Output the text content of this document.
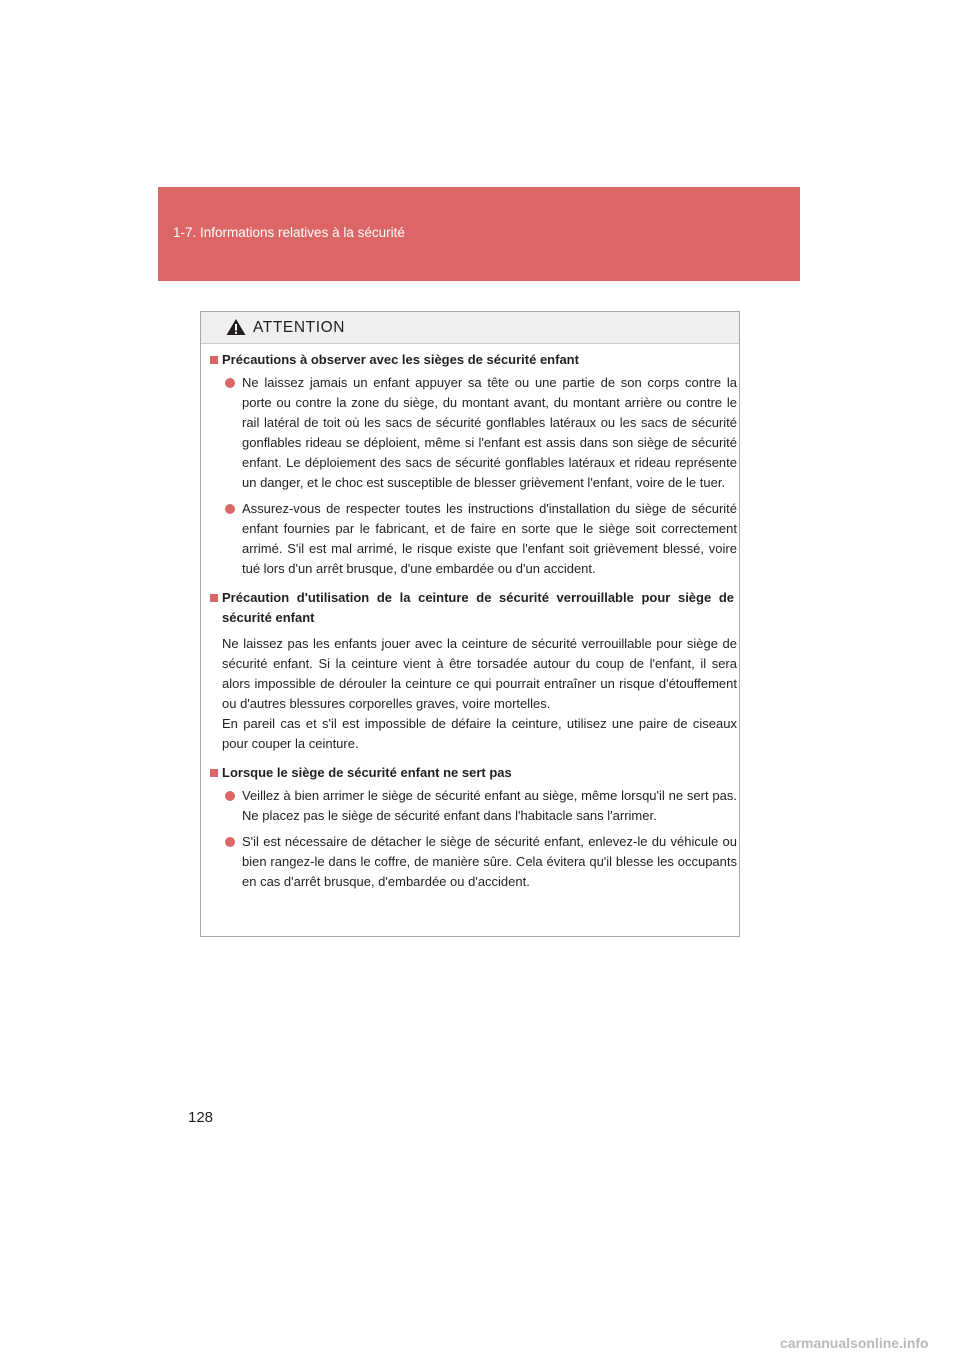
1-7. Informations relatives à la sécurité
ATTENTION
Précautions à observer avec les sièges de sécurité enfant
Ne laissez jamais un enfant appuyer sa tête ou une partie de son corps contre la porte ou contre la zone du siège, du montant avant, du montant arrière ou contre le rail latéral de toit où les sacs de sécurité gonflables latéraux ou les sacs de sécurité gonflables rideau se déploient, même si l'enfant est assis dans son siège de sécurité enfant. Le déploiement des sacs de sécurité gonflables latéraux et rideau représente un danger, et le choc est susceptible de blesser grièvement l'enfant, voire de le tuer.
Assurez-vous de respecter toutes les instructions d'installation du siège de sécurité enfant fournies par le fabricant, et de faire en sorte que le siège soit correctement arrimé. S'il est mal arrimé, le risque existe que l'enfant soit grièvement blessé, voire tué lors d'un arrêt brusque, d'une embardée ou d'un accident.
Précaution d'utilisation de la ceinture de sécurité verrouillable pour siège de sécurité enfant
Ne laissez pas les enfants jouer avec la ceinture de sécurité verrouillable pour siège de sécurité enfant. Si la ceinture vient à être torsadée autour du coup de l'enfant, il sera alors impossible de dérouler la ceinture ce qui pourrait entraîner un risque d'étouffement ou d'autres blessures corporelles graves, voire mortelles.
En pareil cas et s'il est impossible de défaire la ceinture, utilisez une paire de ciseaux pour couper la ceinture.
Lorsque le siège de sécurité enfant ne sert pas
Veillez à bien arrimer le siège de sécurité enfant au siège, même lorsqu'il ne sert pas. Ne placez pas le siège de sécurité enfant dans l'habitacle sans l'arrimer.
S'il est nécessaire de détacher le siège de sécurité enfant, enlevez-le du véhicule ou bien rangez-le dans le coffre, de manière sûre. Cela évitera qu'il blesse les occupants en cas d'arrêt brusque, d'embardée ou d'accident.
128
carmanualsonline.info
